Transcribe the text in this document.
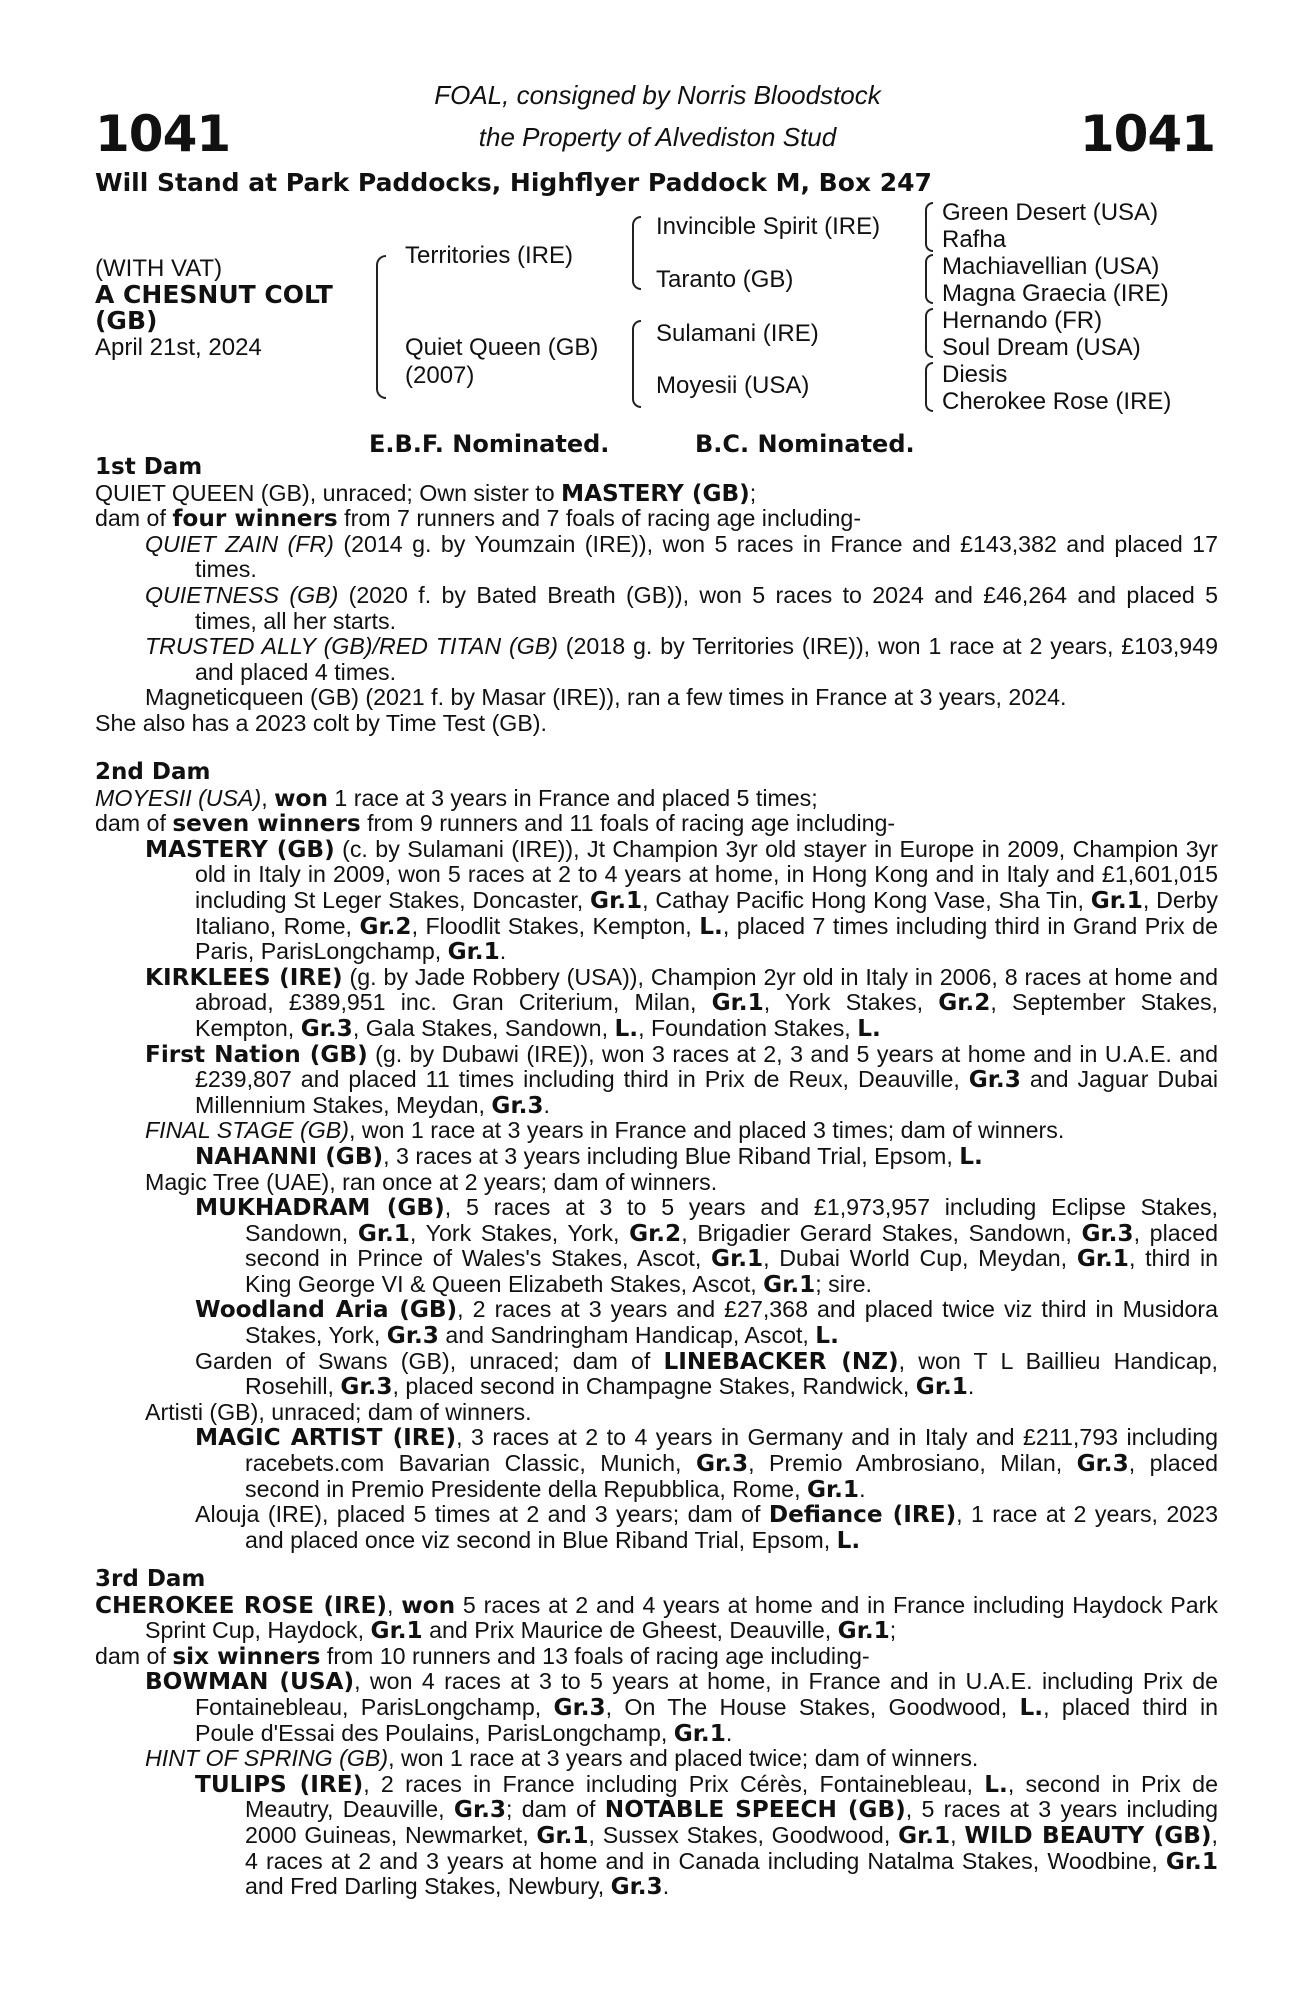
1041	1041
FOAL, consigned by Norris Bloodstock
the Property of Alvediston Stud
Will Stand at Park Paddocks, Highflyer Paddock M, Box 247
(WITH VAT)
A CHESNUT COLT
(GB)
April 21st, 2024
Territories (IRE)
Quiet Queen (GB)
(2007)
Invincible Spirit (IRE)
Taranto (GB)
Sulamani (IRE)
Moyesii (USA)
Green Desert (USA)
Rafha
Machiavellian (USA)
Magna Graecia (IRE)
Hernando (FR)
Soul Dream (USA)
Diesis
Cherokee Rose (IRE)
E.B.F. Nominated.	B.C. Nominated.

1st Dam

QUIET QUEEN (GB), unraced; Own sister to MASTERY (GB);

dam of four winners from 7 runners and 7 foals of racing age including-

QUIET ZAIN (FR) (2014 g. by Youmzain (IRE)), won 5 races in France and £143,382 and placed 17 times.

QUIETNESS (GB) (2020 f. by Bated Breath (GB)), won 5 races to 2024 and £46,264 and placed 5 times, all her starts.

TRUSTED ALLY (GB)/RED TITAN (GB) (2018 g. by Territories (IRE)), won 1 race at 2 years, £103,949 and placed 4 times.

Magneticqueen (GB) (2021 f. by Masar (IRE)), ran a few times in France at 3 years, 2024.

She also has a 2023 colt by Time Test (GB).

2nd Dam

MOYESII (USA), won 1 race at 3 years in France and placed 5 times;

dam of seven winners from 9 runners and 11 foals of racing age including-

MASTERY (GB) (c. by Sulamani (IRE)), Jt Champion 3yr old stayer in Europe in 2009, Champion 3yr old in Italy in 2009, won 5 races at 2 to 4 years at home, in Hong Kong and in Italy and £1,601,015 including St Leger Stakes, Doncaster, Gr.1, Cathay Pacific Hong Kong Vase, Sha Tin, Gr.1, Derby Italiano, Rome, Gr.2, Floodlit Stakes, Kempton, L., placed 7 times including third in Grand Prix de Paris, ParisLongchamp, Gr.1.

KIRKLEES (IRE) (g. by Jade Robbery (USA)), Champion 2yr old in Italy in 2006, 8 races at home and abroad, £389,951 inc. Gran Criterium, Milan, Gr.1, York Stakes, Gr.2, September Stakes, Kempton, Gr.3, Gala Stakes, Sandown, L., Foundation Stakes, L.

First Nation (GB) (g. by Dubawi (IRE)), won 3 races at 2, 3 and 5 years at home and in U.A.E. and £239,807 and placed 11 times including third in Prix de Reux, Deauville, Gr.3 and Jaguar Dubai Millennium Stakes, Meydan, Gr.3.

FINAL STAGE (GB), won 1 race at 3 years in France and placed 3 times; dam of winners.

NAHANNI (GB), 3 races at 3 years including Blue Riband Trial, Epsom, L.

Magic Tree (UAE), ran once at 2 years; dam of winners.

MUKHADRAM (GB), 5 races at 3 to 5 years and £1,973,957 including Eclipse Stakes, Sandown, Gr.1, York Stakes, York, Gr.2, Brigadier Gerard Stakes, Sandown, Gr.3, placed second in Prince of Wales's Stakes, Ascot, Gr.1, Dubai World Cup, Meydan, Gr.1, third in King George VI & Queen Elizabeth Stakes, Ascot, Gr.1; sire.

Woodland Aria (GB), 2 races at 3 years and £27,368 and placed twice viz third in Musidora Stakes, York, Gr.3 and Sandringham Handicap, Ascot, L.

Garden of Swans (GB), unraced; dam of LINEBACKER (NZ), won T L Baillieu Handicap, Rosehill, Gr.3, placed second in Champagne Stakes, Randwick, Gr.1.

Artisti (GB), unraced; dam of winners.

MAGIC ARTIST (IRE), 3 races at 2 to 4 years in Germany and in Italy and £211,793 including racebets.com Bavarian Classic, Munich, Gr.3, Premio Ambrosiano, Milan, Gr.3, placed second in Premio Presidente della Repubblica, Rome, Gr.1.

Alouja (IRE), placed 5 times at 2 and 3 years; dam of Defiance (IRE), 1 race at 2 years, 2023 and placed once viz second in Blue Riband Trial, Epsom, L.

3rd Dam

CHEROKEE ROSE (IRE), won 5 races at 2 and 4 years at home and in France including Haydock Park Sprint Cup, Haydock, Gr.1 and Prix Maurice de Gheest, Deauville, Gr.1;

dam of six winners from 10 runners and 13 foals of racing age including-

BOWMAN (USA), won 4 races at 3 to 5 years at home, in France and in U.A.E. including Prix de Fontainebleau, ParisLongchamp, Gr.3, On The House Stakes, Goodwood, L., placed third in Poule d'Essai des Poulains, ParisLongchamp, Gr.1.

HINT OF SPRING (GB), won 1 race at 3 years and placed twice; dam of winners.

TULIPS (IRE), 2 races in France including Prix Cérès, Fontainebleau, L., second in Prix de Meautry, Deauville, Gr.3; dam of NOTABLE SPEECH (GB), 5 races at 3 years including 2000 Guineas, Newmarket, Gr.1, Sussex Stakes, Goodwood, Gr.1, WILD BEAUTY (GB), 4 races at 2 and 3 years at home and in Canada including Natalma Stakes, Woodbine, Gr.1 and Fred Darling Stakes, Newbury, Gr.3.
